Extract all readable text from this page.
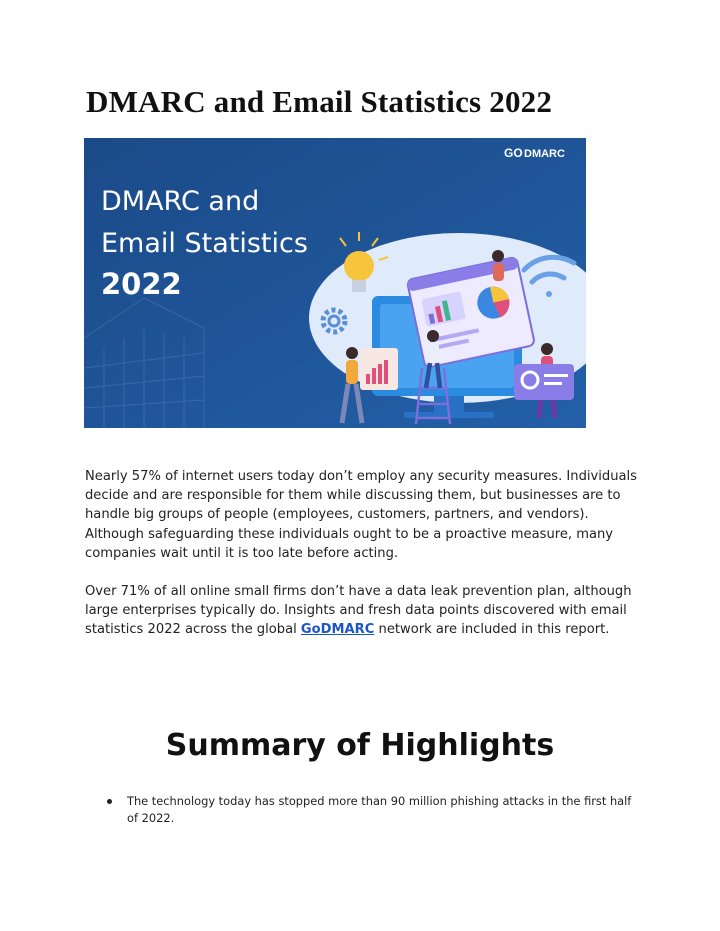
DMARC and Email Statistics 2022
GO DMARC
DMARC and
Email Statistics
2022

Nearly 57% of internet users today don’t employ any security measures. Individuals decide and are responsible for them while discussing them, but businesses are to handle big groups of people (employees, customers, partners, and vendors). Although safeguarding these individuals ought to be a proactive measure, many companies wait until it is too late before acting.

Over 71% of all online small firms don’t have a data leak prevention plan, although large enterprises typically do. Insights and fresh data points discovered with email statistics 2022 across the global GoDMARC network are included in this report.

Summary of Highlights
The technology today has stopped more than 90 million phishing attacks in the first half of 2022.
